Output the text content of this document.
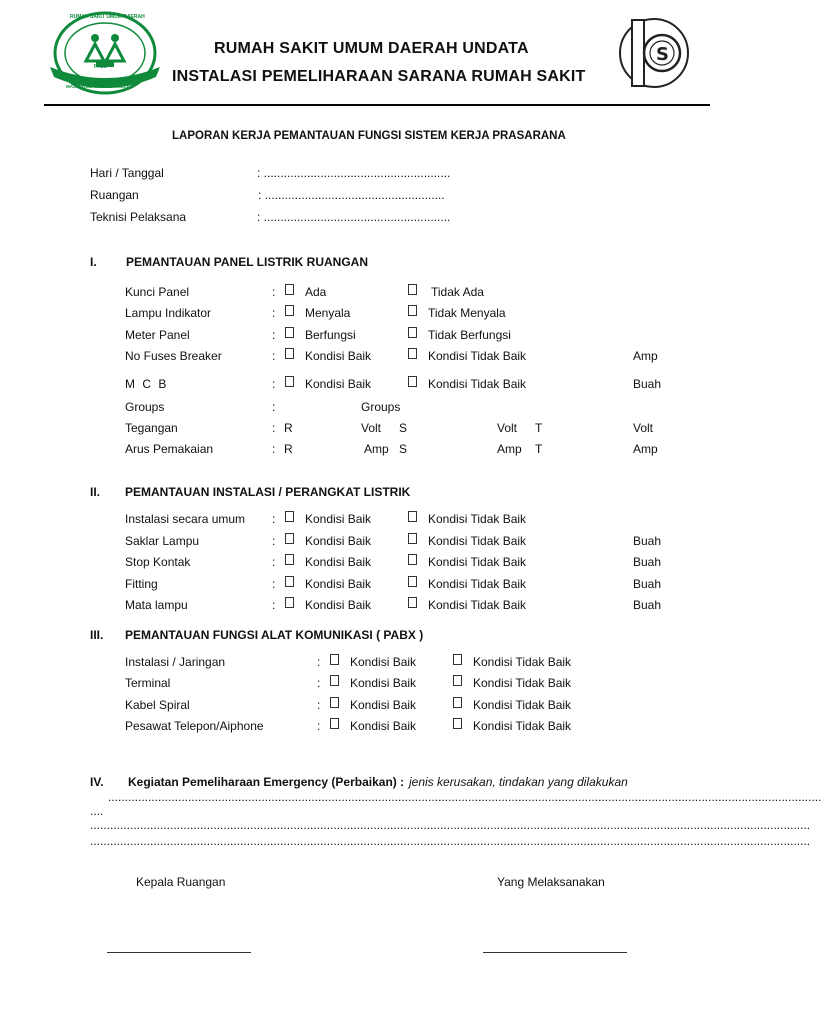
PALU
UNDATA
RUMAH SAKIT UMUM DAERAH
MAJANGGU MOSIPAKAMELO
RUMAH SAKIT UMUM DAERAH UNDATA
INSTALASI PEMELIHARAAN SARANA RUMAH SAKIT
S
LAPORAN KERJA PEMANTAUAN FUNGSI SISTEM KERJA PRASARANA
Hari / Tanggal	: ........................................................
Ruangan	: ......................................................
Teknisi Pelaksana	: ........................................................
I. PEMANTAUAN PANEL LISTRIK RUANGAN
Kunci Panel	: Ada	Tidak Ada
Lampu Indikator	: Menyala	Tidak Menyala
Meter Panel	: Berfungsi	Tidak Berfungsi
No Fuses Breaker	: Kondisi Baik	Kondisi Tidak Baik	Amp
M C B	: Kondisi Baik	Kondisi Tidak Baik	Buah
Groups	:	Groups
Tegangan	: R	Volt S	Volt T	Volt
Arus Pemakaian	: R	Amp S	Amp T	Amp
II. PEMANTAUAN INSTALASI / PERANGKAT LISTRIK
Instalasi secara umum : Kondisi Baik	Kondisi Tidak Baik
Saklar Lampu	: Kondisi Baik	Kondisi Tidak Baik	Buah
Stop Kontak	: Kondisi Baik	Kondisi Tidak Baik	Buah
Fitting	: Kondisi Baik	Kondisi Tidak Baik	Buah
Mata lampu	: Kondisi Baik	Kondisi Tidak Baik	Buah
III. PEMANTAUAN FUNGSI ALAT KOMUNIKASI ( PABX )
Instalasi / Jaringan	: Kondisi Baik	Kondisi Tidak Baik
Terminal	: Kondisi Baik	Kondisi Tidak Baik
Kabel Spiral	: Kondisi Baik	Kondisi Tidak Baik
Pesawat Telepon/Aiphone	: Kondisi Baik	Kondisi Tidak Baik
IV. Kegiatan Pemeliharaan Emergency (Perbaikan) : jenis kerusakan, tindakan yang dilakukan
......................................................................................................................................................................................................................
....
........................................................................................................................................................................................................................
........................................................................................................................................................................................................................
Kepala Ruangan	Yang Melaksanakan
